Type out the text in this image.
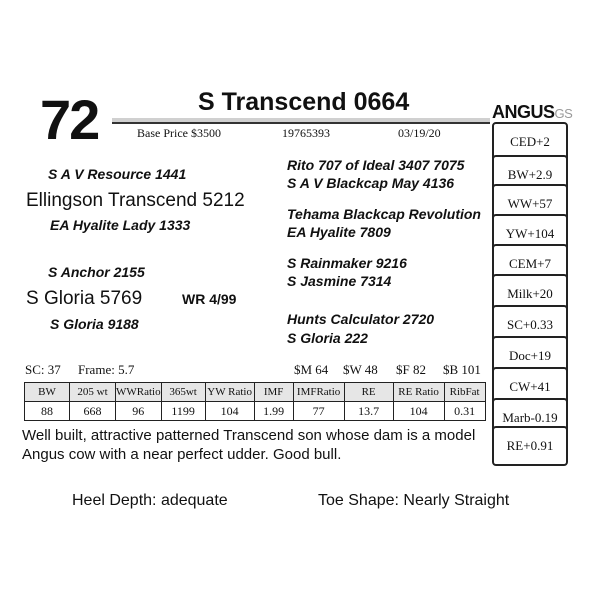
72	S Transcend 0664
Base Price $3500	19765393	03/19/20
S A V Resource 1441
Ellingson Transcend 5212
EA Hyalite Lady 1333
S Anchor 2155
S Gloria 5769	WR 4/99
S Gloria 9188
Rito 707 of Ideal 3407 7075
S A V Blackcap May 4136
Tehama Blackcap Revolution
EA Hyalite 7809
S Rainmaker 9216
S Jasmine 7314
Hunts Calculator 2720
S Gloria 222
SC: 37 Frame: 5.7	$M 64 $W 48 $F 82 $B 101
BW	205 wt	WWRatio	365wt	YW Ratio	IMF	IMFRatio	RE	RE Ratio	RibFat
88	668	96	1199	104	1.99	77	13.7	104	0.31
Well built, attractive patterned Transcend son whose dam is a model Angus cow with a near perfect udder. Good bull.
Heel Depth: adequate	Toe Shape: Nearly Straight
ANGUSGS
CED+2
BW+2.9
WW+57
YW+104
CEM+7
Milk+20
SC+0.33
Doc+19
CW+41
Marb-0.19
RE+0.91
